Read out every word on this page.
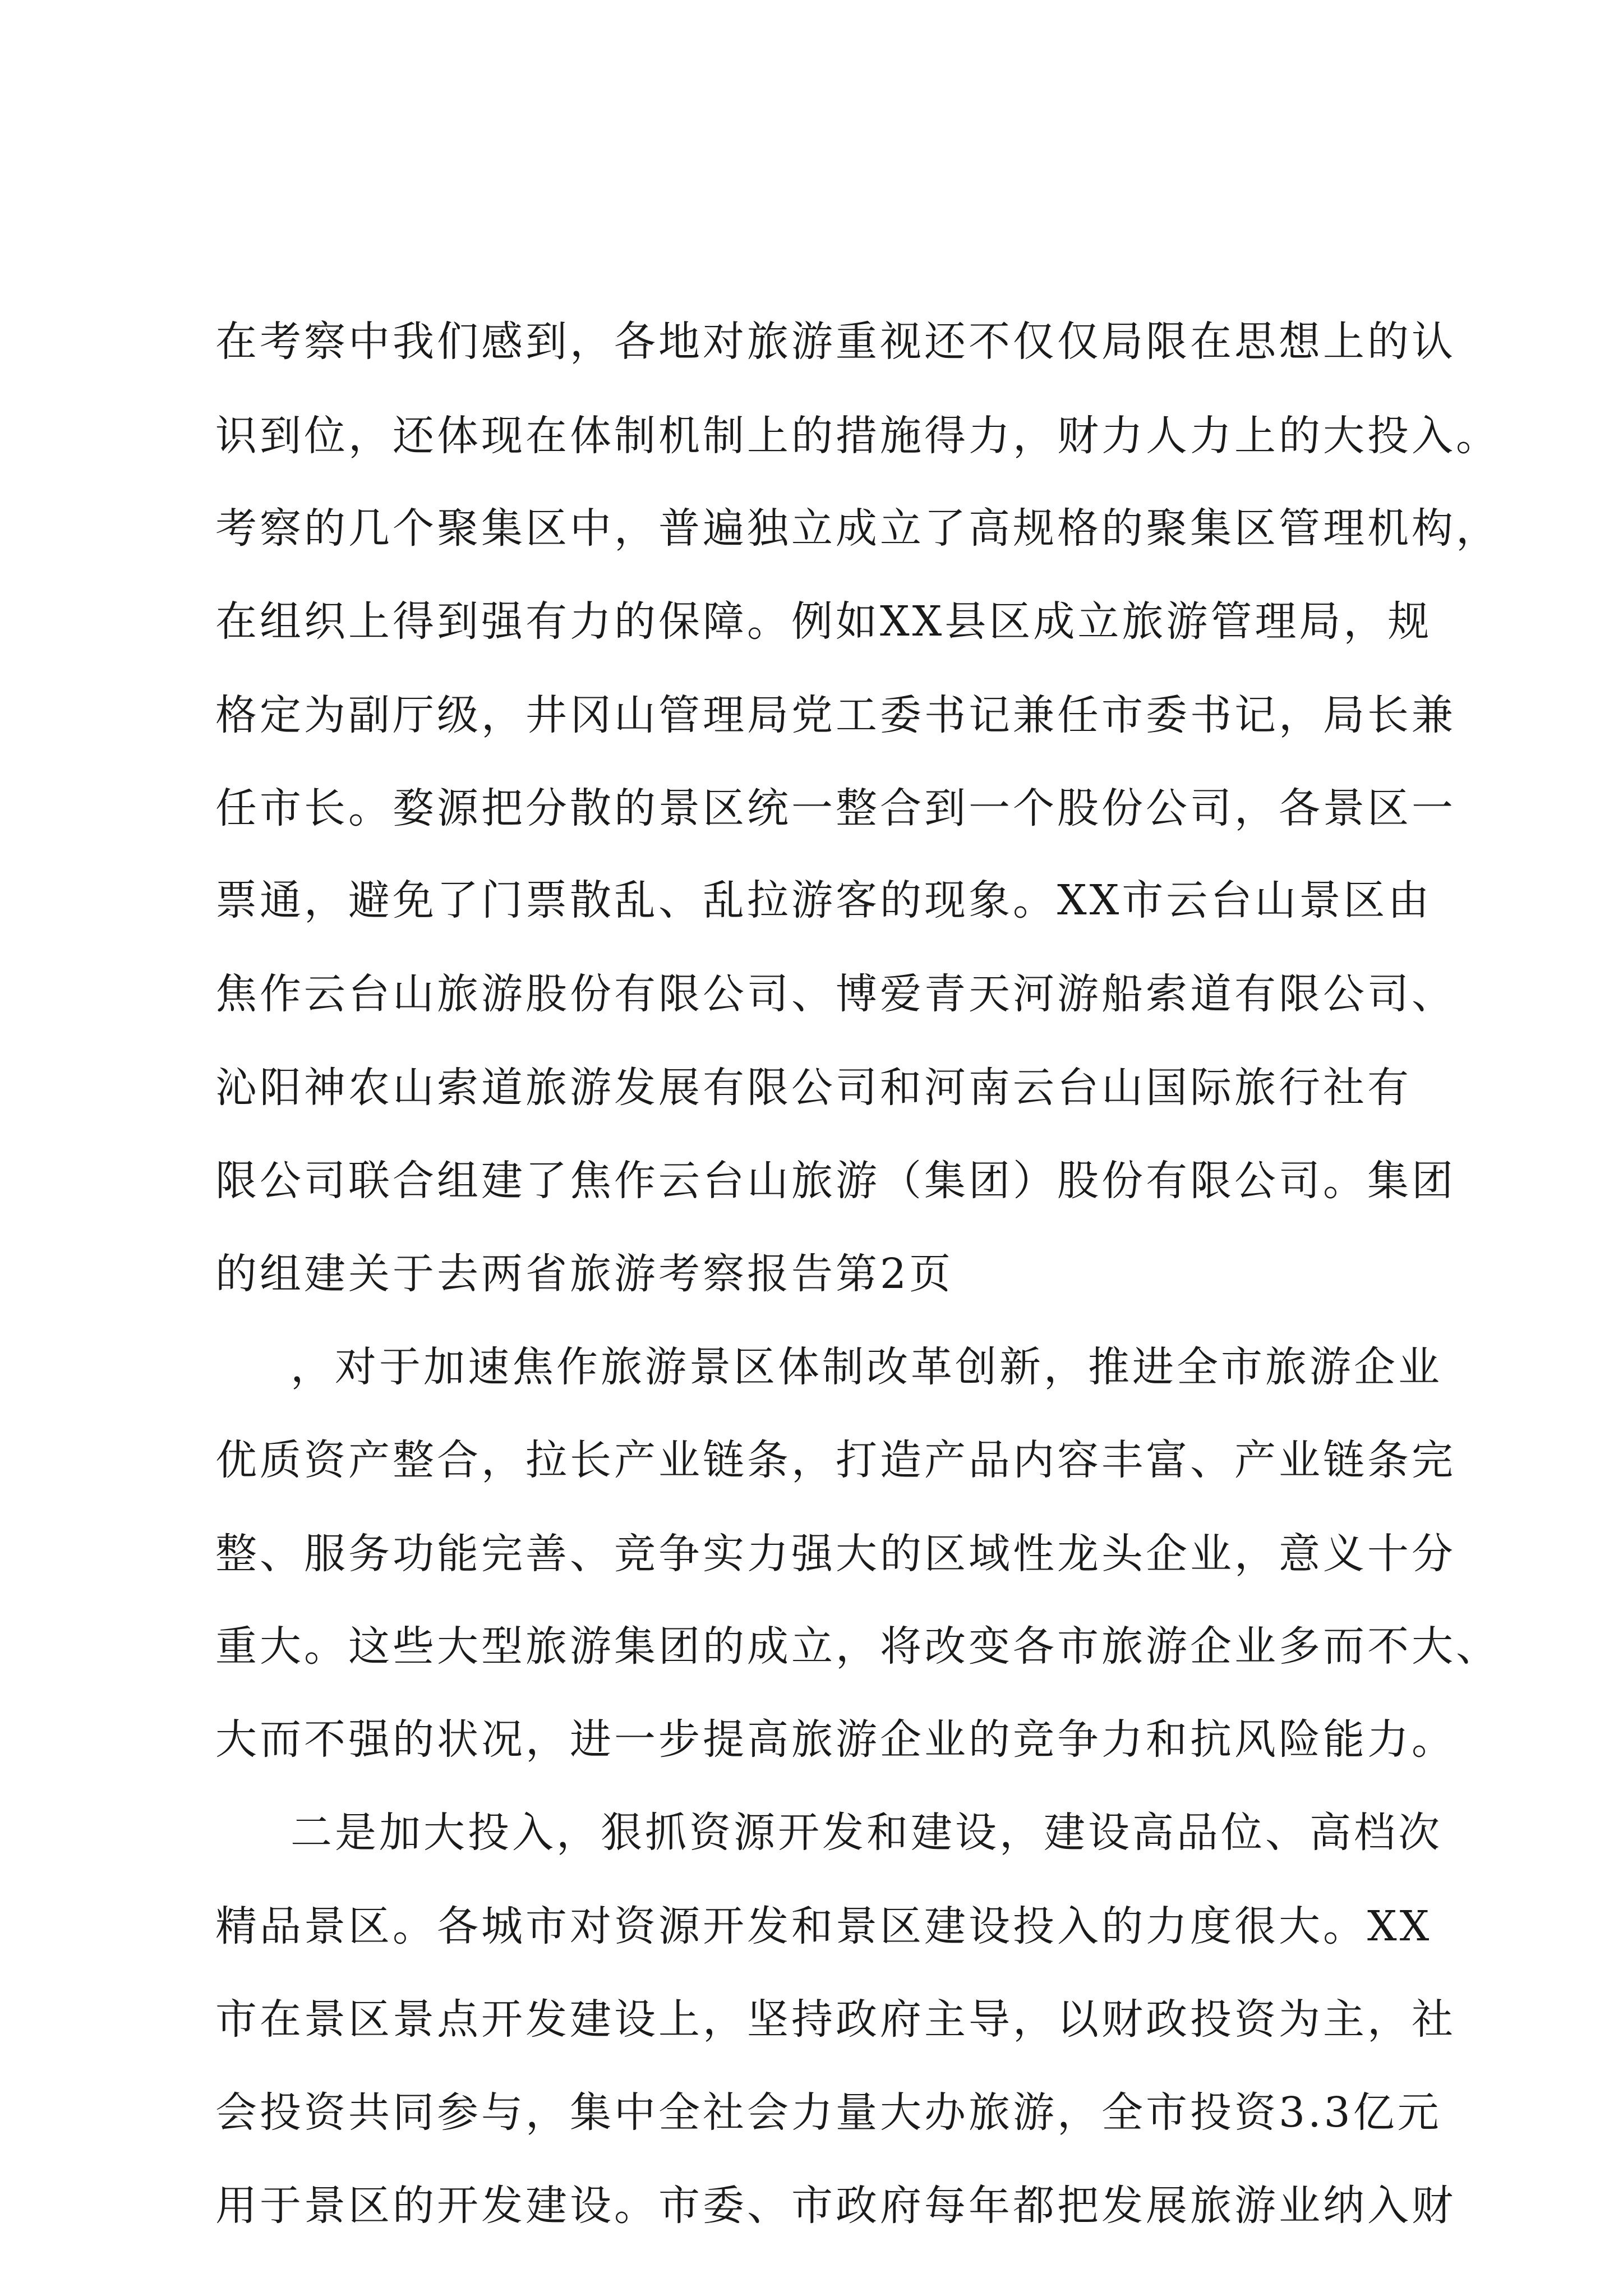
在考察中我们感到，各地对旅游重视还不仅仅局限在思想上的认
识到位，还体现在体制机制上的措施得力，财力人力上的大投入。
考察的几个聚集区中，普遍独立成立了高规格的聚集区管理机构，
在组织上得到强有力的保障。例如XX县区成立旅游管理局，规
格定为副厅级，井冈山管理局党工委书记兼任市委书记，局长兼
任市长。婺源把分散的景区统一整合到一个股份公司，各景区一
票通，避免了门票散乱、乱拉游客的现象。XX市云台山景区由
焦作云台山旅游股份有限公司、博爱青天河游船索道有限公司、
沁阳神农山索道旅游发展有限公司和河南云台山国际旅行社有
限公司联合组建了焦作云台山旅游（集团）股份有限公司。集团
的组建关于去两省旅游考察报告第2页
，对于加速焦作旅游景区体制改革创新，推进全市旅游企业
优质资产整合，拉长产业链条，打造产品内容丰富、产业链条完
整、服务功能完善、竞争实力强大的区域性龙头企业，意义十分
重大。这些大型旅游集团的成立，将改变各市旅游企业多而不大、
大而不强的状况，进一步提高旅游企业的竞争力和抗风险能力。
二是加大投入，狠抓资源开发和建设，建设高品位、高档次
精品景区。各城市对资源开发和景区建设投入的力度很大。XX
市在景区景点开发建设上，坚持政府主导，以财政投资为主，社
会投资共同参与，集中全社会力量大办旅游，全市投资3.3亿元
用于景区的开发建设。市委、市政府每年都把发展旅游业纳入财
